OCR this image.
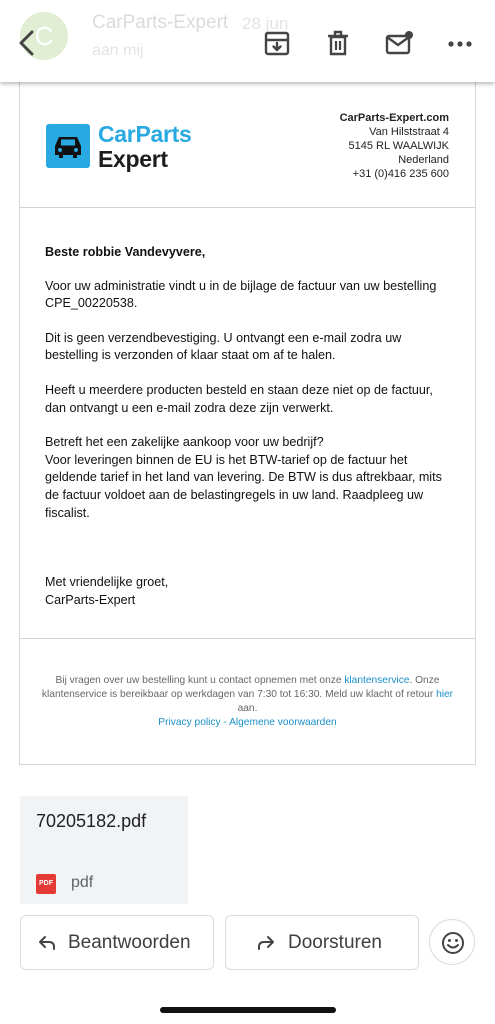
C	CarParts-Expert 28 jun
aan mij
CarParts
Expert
CarParts-Expert.com
Van Hilststraat 4
5145 RL WAALWIJK
Nederland
+31 (0)416 235 600

Beste robbie Vandevyvere,

Voor uw administratie vindt u in de bijlage de factuur van uw bestelling CPE_00220538.

Dit is geen verzendbevestiging. U ontvangt een e-mail zodra uw bestelling is verzonden of klaar staat om af te halen.

Heeft u meerdere producten besteld en staan deze niet op de factuur, dan ontvangt u een e-mail zodra deze zijn verwerkt.

Betreft het een zakelijke aankoop voor uw bedrijf?
Voor leveringen binnen de EU is het BTW-tarief op de factuur het geldende tarief in het land van levering. De BTW is dus aftrekbaar, mits de factuur voldoet aan de belastingregels in uw land. Raadpleeg uw fiscalist.

Met vriendelijke groet,
CarParts-Expert
Bij vragen over uw bestelling kunt u contact opnemen met onze klantenservice. Onze klantenservice is bereikbaar op werkdagen van 7:30 tot 16:30. Meld uw klacht of retour hier aan.
Privacy policy - Algemene voorwaarden
70205182.pdf
PDF pdf
Beantwoorden	Doorsturen
